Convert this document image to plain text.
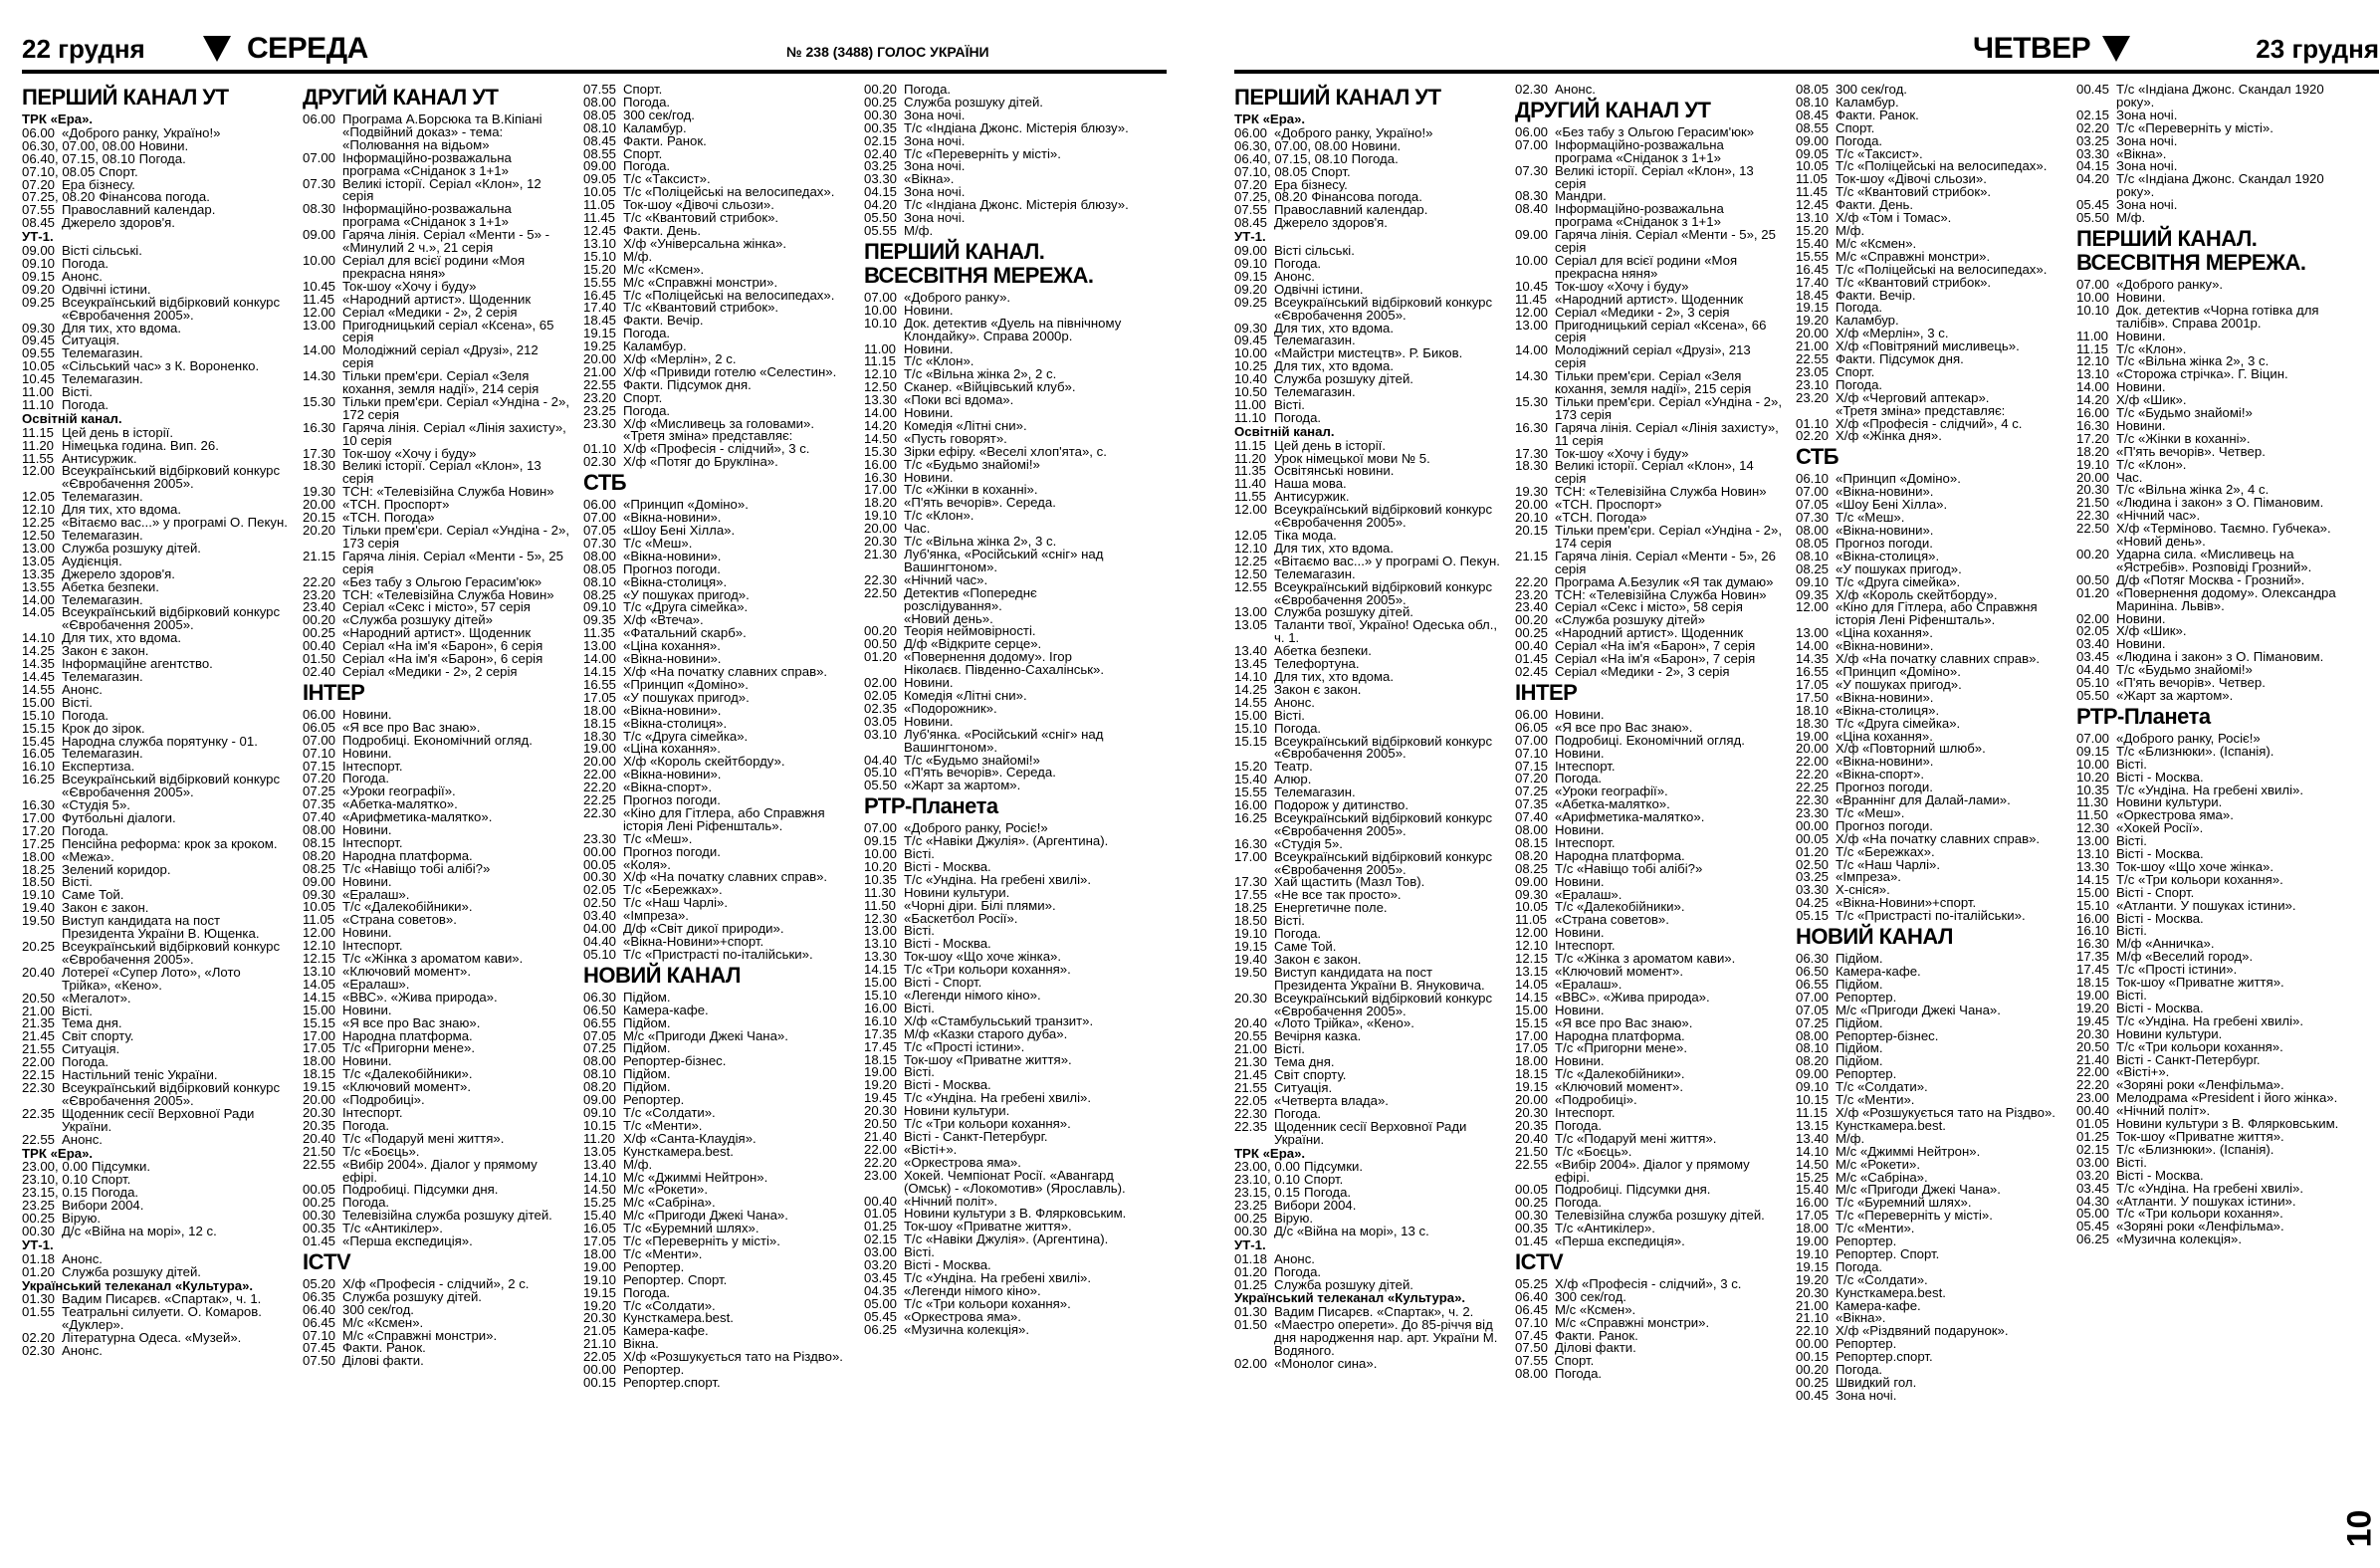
22 грудня	СЕРЕДА	№ 238 (3488) ГОЛОС УКРАЇНИ
ПЕРШИЙ КАНАЛ УТ
ТРК «Ера».
06.00 «Доброго ранку, Україно!»
06.30, 07.00, 08.00 Новини.
06.40, 07.15, 08.10 Погода.
07.10, 08.05 Спорт.
07.20 Ера бізнесу.
07.25, 08.20 Фінансова погода.
07.55 Православний календар.
08.45 Джерело здоров'я.
УТ-1.
09.00 Вісті сільські.
09.10 Погода.
09.15 Анонс.
09.20 Одвічні істини.
09.25 Всеукраїнський відбірковий конкурс «Євробачення 2005».
09.30 Для тих, хто вдома.
09.45 Ситуація.
09.55 Телемагазин.
10.05 «Сільський час» з К. Вороненко.
10.45 Телемагазин.
11.00 Вісті.
11.10 Погода.
Освітній канал.
11.15 Цей день в історії.
11.20 Німецька година. Вип. 26.
11.55 Антисуржик.
12.00 Всеукраїнський відбірковий конкурс «Євробачення 2005».
12.05 Телемагазин.
12.10 Для тих, хто вдома.
12.25 «Вітаємо вас...» у програмі О. Пекун.
12.50 Телемагазин.
13.00 Служба розшуку дітей.
13.05 Аудієнція.
13.35 Джерело здоров'я.
13.55 Абетка безпеки.
14.00 Телемагазин.
14.05 Всеукраїнський відбірковий конкурс «Євробачення 2005».
14.10 Для тих, хто вдома.
14.25 Закон є закон.
14.35 Інформаційне агентство.
14.45 Телемагазин.
14.55 Анонс.
15.00 Вісті.
15.10 Погода.
15.15 Крок до зірок.
15.45 Народна служба порятунку - 01.
16.05 Телемагазин.
16.10 Експертиза.
16.25 Всеукраїнський відбірковий конкурс «Євробачення 2005».
16.30 «Студія 5».
17.00 Футбольні діалоги.
17.20 Погода.
17.25 Пенсійна реформа: крок за кроком.
18.00 «Межа».
18.25 Зелений коридор.
18.50 Вісті.
19.10 Саме Той.
19.40 Закон є закон.
19.50 Виступ кандидата на пост Президента України В. Ющенка.
20.25 Всеукраїнський відбірковий конкурс «Євробачення 2005».
20.40 Лотереї «Супер Лото», «Лото Трійка», «Кено».
20.50 «Мегалот».
21.00 Вісті.
21.35 Тема дня.
21.45 Світ спорту.
21.55 Ситуація.
22.00 Погода.
22.15 Настільний теніс України.
22.30 Всеукраїнський відбірковий конкурс «Євробачення 2005».
22.35 Щоденник сесії Верховної Ради України.
22.55 Анонс.
ТРК «Ера».
23.00, 0.00 Підсумки.
23.10, 0.10 Спорт.
23.15, 0.15 Погода.
23.25 Вибори 2004.
00.25 Вірую.
00.30 Д/с «Війна на морі», 12 с.
УТ-1.
01.18 Анонс.
01.20 Служба розшуку дітей.
Український телеканал «Культура».
01.30 Вадим Писарєв. «Спартак», ч. 1.
01.55 Театральні силуети. О. Комаров. «Дуклер».
02.20 Літературна Одеса. «Музей».
02.30 Анонс.
ДРУГИЙ КАНАЛ УТ
06.00 Програма А.Борсюка та В.Кіпіані «Подвійний доказ» - тема: «Полювання на відьом»
07.00 Інформаційно-розважальна програма «Сніданок з 1+1»
07.30 Великі історії. Серіал «Клон», 12 серія
08.30 Інформаційно-розважальна програма «Сніданок з 1+1»
09.00 Гаряча лінія. Серіал «Менти - 5» - «Минулий 2 ч.», 21 серія
10.00 Серіал для всієї родини «Моя прекрасна няня»
10.45 Ток-шоу «Хочу і буду»
11.45 «Народний артист». Щоденник
12.00 Серіал «Медики - 2», 2 серія
13.00 Пригодницький серіал «Ксена», 65 серія
14.00 Молодіжний серіал «Друзі», 212 серія
14.30 Тільки прем'єри. Серіал «Зеля кохання, земля надії», 214 серія
15.30 Тільки прем'єри. Серіал «Ундіна - 2», 172 серія
16.30 Гаряча лінія. Серіал «Лінія захисту», 10 серія
17.30 Ток-шоу «Хочу і буду»
18.30 Великі історії. Серіал «Клон», 13 серія
19.30 ТСН: «Телевізійна Служба Новин»
20.00 «ТСН. Проспорт»
20.15 «ТСН. Погода»
20.20 Тільки прем'єри. Серіал «Ундіна - 2», 173 серія
21.15 Гаряча лінія. Серіал «Менти - 5», 25 серія
22.20 «Без табу з Ольгою Герасим'юк»
23.20 ТСН: «Телевізійна Служба Новин»
23.40 Серіал «Секс і місто», 57 серія
00.20 «Служба розшуку дітей»
00.25 «Народний артист». Щоденник
00.40 Серіал «На ім'я «Барон», 6 серія
01.50 Серіал «На ім'я «Барон», 6 серія
02.40 Серіал «Медики - 2», 2 серія
ІНТЕР
06.00 Новини.
06.05 «Я все про Вас знаю».
07.00 Подробиці. Економічний огляд.
07.10 Новини.
07.15 Інтеспорт.
07.20 Погода.
07.25 «Уроки географії».
07.35 «Абетка-малятко».
07.40 «Арифметика-малятко».
08.00 Новини.
08.15 Інтеспорт.
08.20 Народна платформа.
08.25 Т/с «Навіщо тобі алібі?»
09.00 Новини.
09.30 «Ералаш».
10.05 Т/с «Далекобійники».
11.05 «Страна советов».
12.00 Новини.
12.10 Інтеспорт.
12.15 Т/с «Жінка з ароматом кави».
13.10 «Ключовий момент».
14.05 «Ералаш».
14.15 «ВВС». «Жива природа».
15.00 Новини.
15.15 «Я все про Вас знаю».
17.00 Народна платформа.
17.05 Т/с «Пригорни мене».
18.00 Новини.
18.15 Т/с «Далекобійники».
19.15 «Ключовий момент».
20.00 «Подробиці».
20.30 Інтеспорт.
20.35 Погода.
20.40 Т/с «Подаруй мені життя».
21.50 Т/с «Боєць».
22.55 «Вибір 2004». Діалог у прямому ефірі.
00.05 Подробиці. Підсумки дня.
00.25 Погода.
00.30 Телевізійна служба розшуку дітей.
00.35 Т/с «Антикілер».
01.45 «Перша експедиція».
ICTV
05.20 Х/ф «Професія - слідчий», 2 с.
06.35 Служба розшуку дітей.
06.40 300 сек/год.
06.45 М/с «Ксмен».
07.10 М/с «Справжні монстри».
07.45 Факти. Ранок.
07.50 Ділові факти.
07.55 Спорт.
08.00 Погода.
08.05 300 сек/год.
08.10 Каламбур.
08.45 Факти. Ранок.
08.55 Спорт.
09.00 Погода.
09.05 Т/с «Таксист».
10.05 Т/с «Поліцейські на велосипедах».
11.05 Ток-шоу «Дівочі сльози».
11.45 Т/с «Квантовий стрибок».
12.45 Факти. День.
13.10 Х/ф «Універсальна жінка».
15.10 М/ф.
15.20 М/с «Ксмен».
15.55 М/с «Справжні монстри».
16.45 Т/с «Поліцейські на велосипедах».
17.40 Т/с «Квантовий стрибок».
18.45 Факти. Вечір.
19.15 Погода.
19.25 Каламбур.
20.00 Х/ф «Мерлін», 2 с.
21.00 Х/ф «Привиди готелю «Селестин».
22.55 Факти. Підсумок дня.
23.20 Спорт.
23.25 Погода.
23.30 Х/ф «Мисливець за головами».
«Третя зміна» представляє:
01.10 Х/ф «Професія - слідчий», 3 с.
02.30 Х/ф «Потяг до Брукліна».
СТБ
06.00 «Принцип «Доміно».
07.00 «Вікна-новини».
07.05 «Шоу Бені Хілла».
07.30 Т/с «Меш».
08.00 «Вікна-новини».
08.05 Прогноз погоди.
08.10 «Вікна-столиця».
08.25 «У пошуках пригод».
09.10 Т/с «Друга сімейка».
09.35 Х/ф «Втеча».
11.35 «Фатальний скарб».
13.00 «Ціна кохання».
14.00 «Вікна-новини».
14.15 Х/ф «На початку славних справ».
16.55 «Принцип «Доміно».
17.05 «У пошуках пригод».
18.00 «Вікна-новини».
18.15 «Вікна-столиця».
18.30 Т/с «Друга сімейка».
19.00 «Ціна кохання».
20.00 Х/ф «Король скейтборду».
22.00 «Вікна-новини».
22.20 «Вікна-спорт».
22.25 Прогноз погоди.
22.30 «Кіно для Гітлера, або Справжня історія Лені Ріфеншталь».
23.30 Т/с «Меш».
00.00 Прогноз погоди.
00.05 «Коля».
00.30 Х/ф «На початку славних справ».
02.05 Т/с «Бережках».
02.50 Т/с «Наш Чарлі».
03.40 «Імпреза».
04.00 Д/ф «Світ дикої природи».
04.40 «Вікна-Новини»+спорт.
05.10 Т/с «Пристрасті по-італійськи».
НОВИЙ КАНАЛ
06.30 Підйом.
06.50 Камера-кафе.
06.55 Підйом.
07.05 М/с «Пригоди Джекі Чана».
07.25 Підйом.
08.00 Репортер-бізнес.
08.10 Підйом.
08.20 Підйом.
09.00 Репортер.
09.10 Т/с «Солдати».
10.15 Т/с «Менти».
11.20 Х/ф «Санта-Клаудія».
13.05 Кунсткамера.best.
13.40 М/ф.
14.10 М/с «Джиммі Нейтрон».
14.50 М/с «Рокети».
15.25 М/с «Сабріна».
15.40 М/с «Пригоди Джекі Чана».
16.05 Т/с «Буремний шлях».
17.05 Т/с «Переверніть у місті».
18.00 Т/с «Менти».
19.00 Репортер.
19.10 Репортер. Спорт.
19.15 Погода.
19.20 Т/с «Солдати».
20.30 Кунсткамера.best.
21.05 Камера-кафе.
21.10 Вікна.
22.05 Х/ф «Розшукується тато на Різдво».
00.00 Репортер.
00.15 Репортер.спорт.
00.20 Погода.
00.25 Служба розшуку дітей.
00.30 Зона ночі.
00.35 Т/с «Індіана Джонс. Містерія блюзу».
02.15 Зона ночі.
02.40 Т/с «Переверніть у місті».
03.25 Зона ночі.
03.30 «Вікна».
04.15 Зона ночі.
04.20 Т/с «Індіана Джонс. Містерія блюзу».
05.50 Зона ночі.
05.55 М/ф.
ПЕРШИЙ КАНАЛ. ВСЕСВІТНЯ МЕРЕЖА.
07.00 «Доброго ранку».
10.00 Новини.
10.10 Док. детектив «Дуель на північному Клондайку». Справа 2000р.
11.00 Новини.
11.15 Т/с «Клон».
12.10 Т/с «Вільна жінка 2», 2 с.
12.50 Сканер. «Війцівський клуб».
13.30 «Поки всі вдома».
14.00 Новини.
14.20 Комедія «Літні сни».
14.50 «Пусть говорят».
15.30 Зірки ефіру. «Веселі хлоп'ята», с.
16.00 Т/с «Будьмо знайомі!»
16.30 Новини.
17.00 Т/с «Жінки в коханні».
18.20 «П'ять вечорів». Середа.
19.10 Т/с «Клон».
20.00 Час.
20.30 Т/с «Вільна жінка 2», 3 с.
21.30 Луб'янка, «Російський «сніг» над Вашингтоном».
22.30 «Нічний час».
22.50 Детектив «Попереднє розслідування».
«Новий день».
00.20 Теорія неймовірності.
00.50 Д/ф «Відкрите серце».
01.20 «Повернення додому». Ігор Ніколаєв. Південно-Сахалінськ».
02.00 Новини.
02.05 Комедія «Літні сни».
02.35 «Подорожник».
03.05 Новини.
03.10 Луб'янка. «Російський «сніг» над Вашингтоном».
04.40 Т/с «Будьмо знайомі!»
05.10 «П'ять вечорів». Середа.
05.50 «Жарт за жартом».
РТР-Планета
07.00 «Доброго ранку, Росіє!»
09.15 Т/с «Навіки Джулія». (Аргентина).
10.00 Вісті.
10.20 Вісті - Москва.
10.35 Т/с «Ундіна. На гребені хвилі».
11.30 Новини культури.
11.50 «Чорні діри. Білі плями».
12.30 «Баскетбол Росії».
13.00 Вісті.
13.10 Вісті - Москва.
13.30 Ток-шоу «Що хоче жінка».
14.15 Т/с «Три кольори кохання».
15.00 Вісті - Спорт.
15.10 «Легенди німого кіно».
16.00 Вісті.
16.10 Х/ф «Стамбульський транзит».
17.35 М/ф «Казки старого дуба».
17.45 Т/с «Прості істини».
18.15 Ток-шоу «Приватне життя».
19.00 Вісті.
19.20 Вісті - Москва.
19.45 Т/с «Ундіна. На гребені хвилі».
20.30 Новини культури.
20.50 Т/с «Три кольори кохання».
21.40 Вісті - Санкт-Петербург.
22.00 «Вісті+».
22.20 «Оркестрова яма».
23.00 Хокей. Чемпіонат Росії. «Авангард (Омськ) - «Локомотив» (Ярославль).
00.40 «Нічний політ».
01.05 Новини культури з В. Флярковським.
01.25 Ток-шоу «Приватне життя».
02.15 Т/с «Навіки Джулія». (Аргентина).
03.00 Вісті.
03.20 Вісті - Москва.
03.45 Т/с «Ундіна. На гребені хвилі».
04.35 «Легенди німого кіно».
05.00 Т/с «Три кольори кохання».
05.45 «Оркестрова яма».
06.25 «Музична колекція».
ЧЕТВЕР	23 грудня
ПЕРШИЙ КАНАЛ УТ
ТРК «Ера».
06.00 «Доброго ранку, Україно!»
06.30, 07.00, 08.00 Новини.
06.40, 07.15, 08.10 Погода.
07.10, 08.05 Спорт.
07.20 Ера бізнесу.
07.25, 08.20 Фінансова погода.
07.55 Православний календар.
08.45 Джерело здоров'я.
УТ-1.
09.00 Вісті сільські.
09.10 Погода.
09.15 Анонс.
09.20 Одвічні істини.
09.25 Всеукраїнський відбірковий конкурс «Євробачення 2005».
09.30 Для тих, хто вдома.
09.45 Телемагазин.
10.00 «Майстри мистецтв». Р. Биков.
10.25 Для тих, хто вдома.
10.40 Служба розшуку дітей.
10.50 Телемагазин.
11.00 Вісті.
11.10 Погода.
Освітній канал.
11.15 Цей день в історії.
11.20 Урок німецької мови № 5.
11.35 Освітянські новини.
11.40 Наша мова.
11.55 Антисуржик.
12.00 Всеукраїнський відбірковий конкурс «Євробачення 2005».
12.05 Тіка мода.
12.10 Для тих, хто вдома.
12.25 «Вітаємо вас...» у програмі О. Пекун.
12.50 Телемагазин.
12.55 Всеукраїнський відбірковий конкурс «Євробачення 2005».
13.00 Служба розшуку дітей.
13.05 Таланти твої, Україно! Одеська обл., ч. 1.
13.40 Абетка безпеки.
13.45 Телефортуна.
14.10 Для тих, хто вдома.
14.25 Закон є закон.
14.55 Анонс.
15.00 Вісті.
15.10 Погода.
15.15 Всеукраїнський відбірковий конкурс «Євробачення 2005».
15.20 Театр.
15.40 Алюр.
15.55 Телемагазин.
16.00 Подорож у дитинство.
16.25 Всеукраїнський відбірковий конкурс «Євробачення 2005».
16.30 «Студія 5».
17.00 Всеукраїнський відбірковий конкурс «Євробачення 2005».
17.30 Хай щастить (Мазл Тов).
17.55 «Не все так просто».
18.25 Енергетичне поле.
18.50 Вісті.
19.10 Погода.
19.15 Саме Той.
19.40 Закон є закон.
19.50 Виступ кандидата на пост Президента України В. Януковича.
20.30 Всеукраїнський відбірковий конкурс «Євробачення 2005».
20.40 «Лото Трійка», «Кено».
20.55 Вечірня казка.
21.00 Вісті.
21.30 Тема дня.
21.45 Світ спорту.
21.55 Ситуація.
22.05 «Четверта влада».
22.30 Погода.
22.35 Щоденник сесії Верховної Ради України.
ТРК «Ера».
23.00, 0.00 Підсумки.
23.10, 0.10 Спорт.
23.15, 0.15 Погода.
23.25 Вибори 2004.
00.25 Вірую.
00.30 Д/с «Війна на морі», 13 с.
УТ-1.
01.18 Анонс.
01.20 Погода.
01.25 Служба розшуку дітей.
Український телеканал «Культура».
01.30 Вадим Писарєв. «Спартак», ч. 2.
01.50 «Маестро оперети». До 85-річчя від дня народження нар. арт. України М. Водяного.
02.00 «Монолог сина».
02.30 Анонс.
ДРУГИЙ КАНАЛ УТ
06.00 «Без табу з Ольгою Герасим'юк»
07.00 Інформаційно-розважальна програма «Сніданок з 1+1»
07.30 Великі історії. Серіал «Клон», 13 серія
08.30 Мандри.
08.40 Інформаційно-розважальна програма «Сніданок з 1+1»
09.00 Гаряча лінія. Серіал «Менти - 5», 25 серія
10.00 Серіал для всієї родини «Моя прекрасна няня»
10.45 Ток-шоу «Хочу і буду»
11.45 «Народний артист». Щоденник
12.00 Серіал «Медики - 2», 3 серія
13.00 Пригодницький серіал «Ксена», 66 серія
14.00 Молодіжний серіал «Друзі», 213 серія
14.30 Тільки прем'єри. Серіал «Зеля кохання, земля надії», 215 серія
15.30 Тільки прем'єри. Серіал «Ундіна - 2», 173 серія
16.30 Гаряча лінія. Серіал «Лінія захисту», 11 серія
17.30 Ток-шоу «Хочу і буду»
18.30 Великі історії. Серіал «Клон», 14 серія
19.30 ТСН: «Телевізійна Служба Новин»
20.00 «ТСН. Проспорт»
20.10 «ТСН. Погода»
20.15 Тільки прем'єри. Серіал «Ундіна - 2», 174 серія
21.15 Гаряча лінія. Серіал «Менти - 5», 26 серія
22.20 Програма А.Безулик «Я так думаю»
23.20 ТСН: «Телевізійна Служба Новин»
23.40 Серіал «Секс і місто», 58 серія
00.20 «Служба розшуку дітей»
00.25 «Народний артист». Щоденник
00.40 Серіал «На ім'я «Барон», 7 серія
01.45 Серіал «На ім'я «Барон», 7 серія
02.45 Серіал «Медики - 2», 3 серія
ІНТЕР
06.00 Новини.
06.05 «Я все про Вас знаю».
07.00 Подробиці. Економічний огляд.
07.10 Новини.
07.15 Інтеспорт.
07.20 Погода.
07.25 «Уроки географії».
07.35 «Абетка-малятко».
07.40 «Арифметика-малятко».
08.00 Новини.
08.15 Інтеспорт.
08.20 Народна платформа.
08.25 Т/с «Навіщо тобі алібі?»
09.00 Новини.
09.30 «Ералаш».
10.05 Т/с «Далекобійники».
11.05 «Страна советов».
12.00 Новини.
12.10 Інтеспорт.
12.15 Т/с «Жінка з ароматом кави».
13.15 «Ключовий момент».
14.05 «Ералаш».
14.15 «ВВС». «Жива природа».
15.00 Новини.
15.15 «Я все про Вас знаю».
17.00 Народна платформа.
17.05 Т/с «Пригорни мене».
18.00 Новини.
18.15 Т/с «Далекобійники».
19.15 «Ключовий момент».
20.00 «Подробиці».
20.30 Інтеспорт.
20.35 Погода.
20.40 Т/с «Подаруй мені життя».
21.50 Т/с «Боєць».
22.55 «Вибір 2004». Діалог у прямому ефірі.
00.05 Подробиці. Підсумки дня.
00.25 Погода.
00.30 Телевізійна служба розшуку дітей.
00.35 Т/с «Антикілер».
01.45 «Перша експедиція».
ICTV
05.25 Х/ф «Професія - слідчий», 3 с.
06.40 300 сек/год.
06.45 М/с «Ксмен».
07.10 М/с «Справжні монстри».
07.45 Факти. Ранок.
07.50 Ділові факти.
07.55 Спорт.
08.00 Погода.
08.05 300 сек/год.
08.10 Каламбур.
08.45 Факти. Ранок.
08.55 Спорт.
09.00 Погода.
09.05 Т/с «Таксист».
10.05 Т/с «Поліцейські на велосипедах».
11.05 Ток-шоу «Дівочі сльози».
11.45 Т/с «Квантовий стрибок».
12.45 Факти. День.
13.10 Х/ф «Том і Томас».
15.20 М/ф.
15.40 М/с «Ксмен».
15.55 М/с «Справжні монстри».
16.45 Т/с «Поліцейські на велосипедах».
17.40 Т/с «Квантовий стрибок».
18.45 Факти. Вечір.
19.15 Погода.
19.20 Каламбур.
20.00 Х/ф «Мерлін», 3 с.
21.00 Х/ф «Повітряний мисливець».
22.55 Факти. Підсумок дня.
23.05 Спорт.
23.10 Погода.
23.20 Х/ф «Черговий аптекар».
«Третя зміна» представляє:
01.10 Х/ф «Професія - слідчий», 4 с.
02.20 Х/ф «Жінка дня».
СТБ
06.10 «Принцип «Доміно».
07.00 «Вікна-новини».
07.05 «Шоу Бені Хілла».
07.30 Т/с «Меш».
08.00 «Вікна-новини».
08.05 Прогноз погоди.
08.10 «Вікна-столиця».
08.25 «У пошуках пригод».
09.10 Т/с «Друга сімейка».
09.35 Х/ф «Король скейтборду».
12.00 «Кіно для Гітлера, або Справжня історія Лені Ріфеншталь».
13.00 «Ціна кохання».
14.00 «Вікна-новини».
14.35 Х/ф «На початку славних справ».
16.55 «Принцип «Доміно».
17.05 «У пошуках пригод».
17.50 «Вікна-новини».
18.10 «Вікна-столиця».
18.30 Т/с «Друга сімейка».
19.00 «Ціна кохання».
20.00 Х/ф «Повторний шлюб».
22.00 «Вікна-новини».
22.20 «Вікна-спорт».
22.25 Прогноз погоди.
22.30 «Враннінг для Далай-лами».
23.30 Т/с «Меш».
00.00 Прогноз погоди.
00.05 Х/ф «На початку славних справ».
01.20 Т/с «Бережках».
02.50 Т/с «Наш Чарлі».
03.25 «Імпреза».
03.30 Х-сніся».
04.25 «Вікна-Новини»+спорт.
05.15 Т/с «Пристрасті по-італійськи».
НОВИЙ КАНАЛ
06.30 Підйом.
06.50 Камера-кафе.
06.55 Підйом.
07.00 Репортер.
07.05 М/с «Пригоди Джекі Чана».
07.25 Підйом.
08.00 Репортер-бізнес.
08.10 Підйом.
08.20 Підйом.
09.00 Репортер.
09.10 Т/с «Солдати».
10.15 Т/с «Менти».
11.15 Х/ф «Розшукується тато на Різдво».
13.15 Кунсткамера.best.
13.40 М/ф.
14.10 М/с «Джиммі Нейтрон».
14.50 М/с «Рокети».
15.25 М/с «Сабріна».
15.40 М/с «Пригоди Джекі Чана».
16.00 Т/с «Буремний шлях».
17.05 Т/с «Переверніть у місті».
18.00 Т/с «Менти».
19.00 Репортер.
19.10 Репортер. Спорт.
19.15 Погода.
19.20 Т/с «Солдати».
20.30 Кунсткамера.best.
21.00 Камера-кафе.
21.10 «Вікна».
22.10 Х/ф «Різдвяний подарунок».
00.00 Репортер.
00.15 Репортер.спорт.
00.20 Погода.
00.25 Швидкий гол.
00.45 Зона ночі.
00.45 Т/с «Індіана Джонс. Скандал 1920 року».
02.15 Зона ночі.
02.20 Т/с «Переверніть у місті».
03.25 Зона ночі.
03.30 «Вікна».
04.15 Зона ночі.
04.20 Т/с «Індіана Джонс. Скандал 1920 року».
05.45 Зона ночі.
05.50 М/ф.
ПЕРШИЙ КАНАЛ. ВСЕСВІТНЯ МЕРЕЖА.
07.00 «Доброго ранку».
10.00 Новини.
10.10 Док. детектив «Чорна готівка для талібів». Справа 2001р.
11.00 Новини.
11.15 Т/с «Клон».
12.10 Т/с «Вільна жінка 2», 3 с.
13.10 «Сторожа стрічка». Г. Віцин.
14.00 Новини.
14.20 Х/ф «Шик».
16.00 Т/с «Будьмо знайомі!»
16.30 Новини.
17.20 Т/с «Жінки в коханні».
18.20 «П'ять вечорів». Четвер.
19.10 Т/с «Клон».
20.00 Час.
20.30 Т/с «Вільна жінка 2», 4 с.
21.50 «Людина і закон» з О. Пімановим.
22.30 «Нічний час».
22.50 Х/ф «Терміново. Таємно. Губчека».
«Новий день».
00.20 Ударна сила. «Мисливець на «Ястребів». Розповіді Грозний».
00.50 Д/ф «Потяг Москва - Грозний».
01.20 «Повернення додому». Олександра Мариніна. Львів».
02.00 Новини.
02.05 Х/ф «Шик».
03.40 Новини.
03.45 «Людина і закон» з О. Пімановим.
04.40 Т/с «Будьмо знайомі!»
05.10 «П'ять вечорів». Четвер.
05.50 «Жарт за жартом».
РТР-Планета
07.00 «Доброго ранку, Росіє!»
09.15 Т/с «Близнюки». (Іспанія).
10.00 Вісті.
10.20 Вісті - Москва.
10.35 Т/с «Ундіна. На гребені хвилі».
11.30 Новини культури.
11.50 «Оркестрова яма».
12.30 «Хокей Росії».
13.00 Вісті.
13.10 Вісті - Москва.
13.30 Ток-шоу «Що хоче жінка».
14.15 Т/с «Три кольори кохання».
15.00 Вісті - Спорт.
15.10 «Атланти. У пошуках істини».
16.00 Вісті - Москва.
16.10 Вісті.
16.30 М/ф «Анничка».
17.35 М/ф «Веселий город».
17.45 Т/с «Прості істини».
18.15 Ток-шоу «Приватне життя».
19.00 Вісті.
19.20 Вісті - Москва.
19.45 Т/с «Ундіна. На гребені хвилі».
20.30 Новини культури.
20.50 Т/с «Три кольори кохання».
21.40 Вісті - Санкт-Петербург.
22.00 «Вісті+».
22.20 «Зоряні роки «Ленфільма».
23.00 Мелодрама «President і його жінка».
00.40 «Нічний політ».
01.05 Новини культури з В. Флярковським.
01.25 Ток-шоу «Приватне життя».
02.15 Т/с «Близнюки». (Іспанія).
03.00 Вісті.
03.20 Вісті - Москва.
03.45 Т/с «Ундіна. На гребені хвилі».
04.30 «Атланти. У пошуках істини».
05.00 Т/с «Три кольори кохання».
05.45 «Зоряні роки «Ленфільма».
06.25 «Музична колекція».
10
